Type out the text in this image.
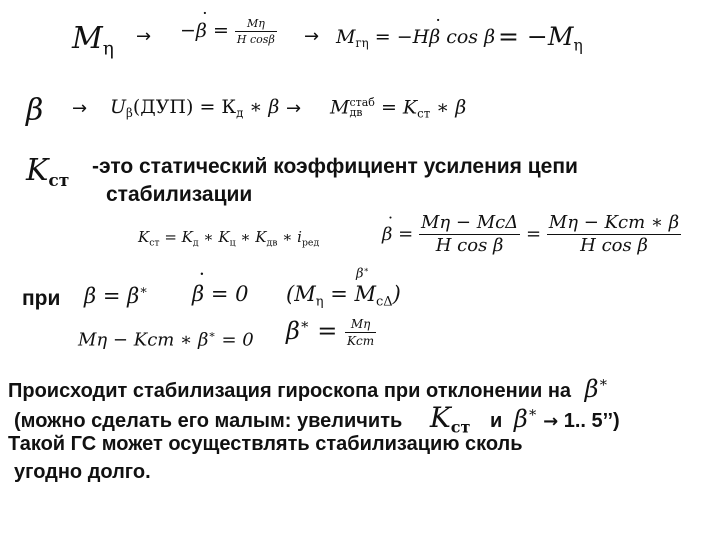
$M_\eta$
→ −˙ $\beta = \frac{M\eta}{\text{H cosβ}} \to M_{г\eta}$ = −H˙ β $\cos \beta = -M_\eta$
$\beta \to U_\beta(ДУП) = К_д$ ∗ β → M стаб
дв = $K_{ст}$ ∗ β
$K_{ст}$
-это статический коэффициент усиления цепи
стабилизации
$K_{ст} = K_д$ ∗ $K_ц$ ∗ $K_{дв}$ ∗ $i_{ред}$	˙ $\beta = \frac{\text{Mη − McΔ}}{\text{H cos β}} = \frac{\text{Mη − Kст ∗ β}}{\text{H cos β}}$
β∗
при β = β∗ ˙ β = 0 $(M_\eta = M_{c\Delta})$
Mη − Kст ∗ β∗ = 0 $\beta^∗ = \frac{M\eta}{\text{Kст}}$
Происходит стабилизация гироскопа при отклонении на β∗
(можно сделать его малым: увеличить $K_{ст}$ и β∗ → 1.. 5’’)
Такой ГС может осуществлять стабилизацию сколь
угодно долго.
